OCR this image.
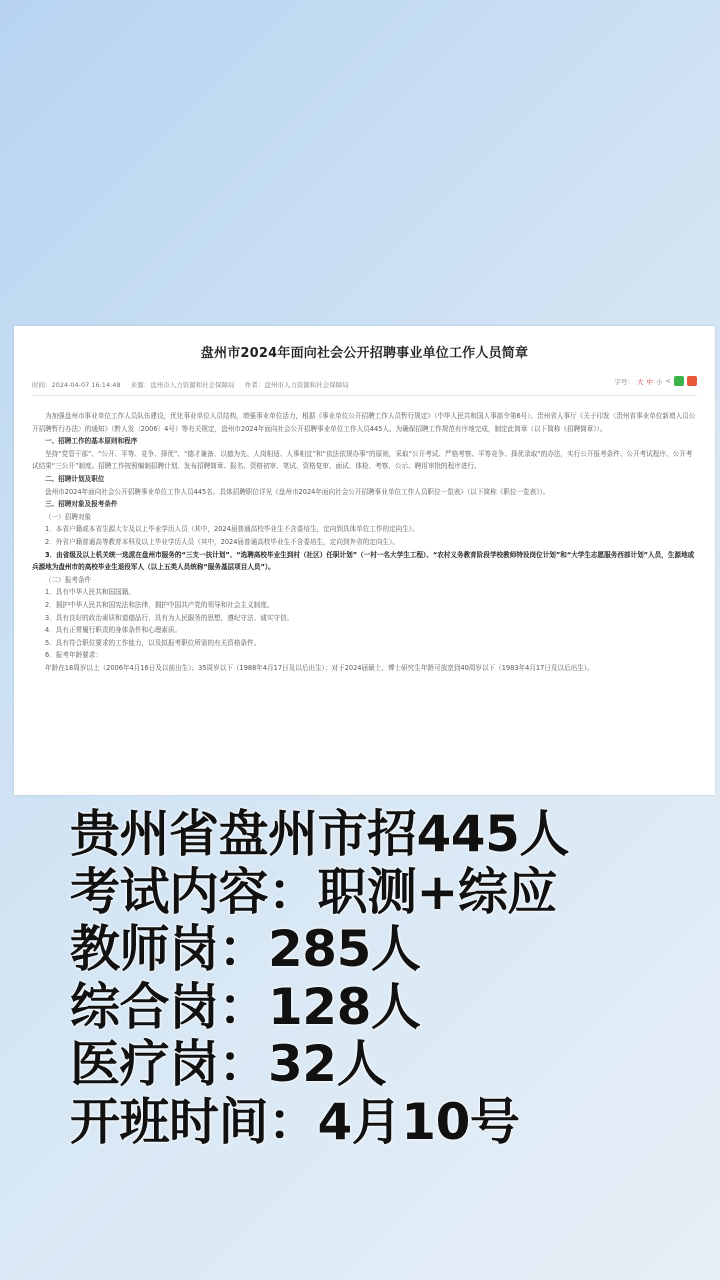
盘州市2024年面向社会公开招聘事业单位工作人员简章
时间：2024-04-07 16:14:48 来源：盘州市人力资源和社会保障局 作者：盘州市人力资源和社会保障局	字号： 大 中 小 <

为加强盘州市事业单位工作人员队伍建设，优化事业单位人员结构，增强事业单位活力，根据《事业单位公开招聘工作人员暂行规定》（中华人民共和国人事部令第6号）、贵州省人事厅《关于印发〈贵州省事业单位新增人员公开招聘暂行办法〉的通知》（黔人发〔2006〕4号）等有关规定，盘州市2024年面向社会公开招聘事业单位工作人员445人。为确保招聘工作规范有序地完成，制定此简章（以下简称《招聘简章》）。

一、招聘工作的基本原则和程序

坚持“党管干部”、“公开、平等、竞争、择优”、“德才兼备、以德为先、人岗相适、人事相宜”和“依法依规办事”的原则，采取“公开考试、严格考察、平等竞争、择优录取”的办法，实行公开报考条件、公开考试程序、公开考试结果“三公开”制度。招聘工作按照编制招聘计划、发布招聘简章、报名、资格初审、笔试、资格复审、面试、体检、考察、公示、聘用审批的程序进行。

二、招聘计划及职位

盘州市2024年面向社会公开招聘事业单位工作人员445名。具体招聘职位详见《盘州市2024年面向社会公开招聘事业单位工作人员职位一览表》（以下简称《职位一览表》）。

三、招聘对象及报考条件

（一）招聘对象

1．本省户籍或本省生源大专及以上毕业学历人员（其中，2024届普通高校毕业生不含委培生，定向到具体单位工作的定向生）。

2．外省户籍普通高等教育本科及以上毕业学历人员（其中，2024届普通高校毕业生不含委培生，定向到外省的定向生）。

3．由省级及以上机关统一选派在盘州市服务的“三支一扶计划”、“选聘高校毕业生到村（社区）任职计划”（一村一名大学生工程）、“农村义务教育阶段学校教师特设岗位计划”和“大学生志愿服务西部计划”人员，生源地或兵源地为盘州市的高校毕业生退役军人（以上五类人员统称“服务基层项目人员”）。

（二）报考条件

1．具有中华人民共和国国籍。

2．拥护中华人民共和国宪法和法律，拥护中国共产党的领导和社会主义制度。

3．具有良好的政治素质和道德品行，具有为人民服务的思想，遵纪守法、诚实守信。

4．具有正常履行职责的身体条件和心理素质。

5．具有符合职位要求的工作能力，以及拟报考职位所需的有关资格条件。

6．报考年龄要求：

年龄在18周岁以上（2006年4月16日及以前出生）、35周岁以下（1988年4月17日及以后出生）；对于2024届硕士、博士研究生年龄可放宽到40周岁以下（1983年4月17日及以后出生）。

贵州省盘州市招445人
考试内容：职测+综应
教师岗：285人
综合岗：128人
医疗岗：32人
开班时间：4月10号
